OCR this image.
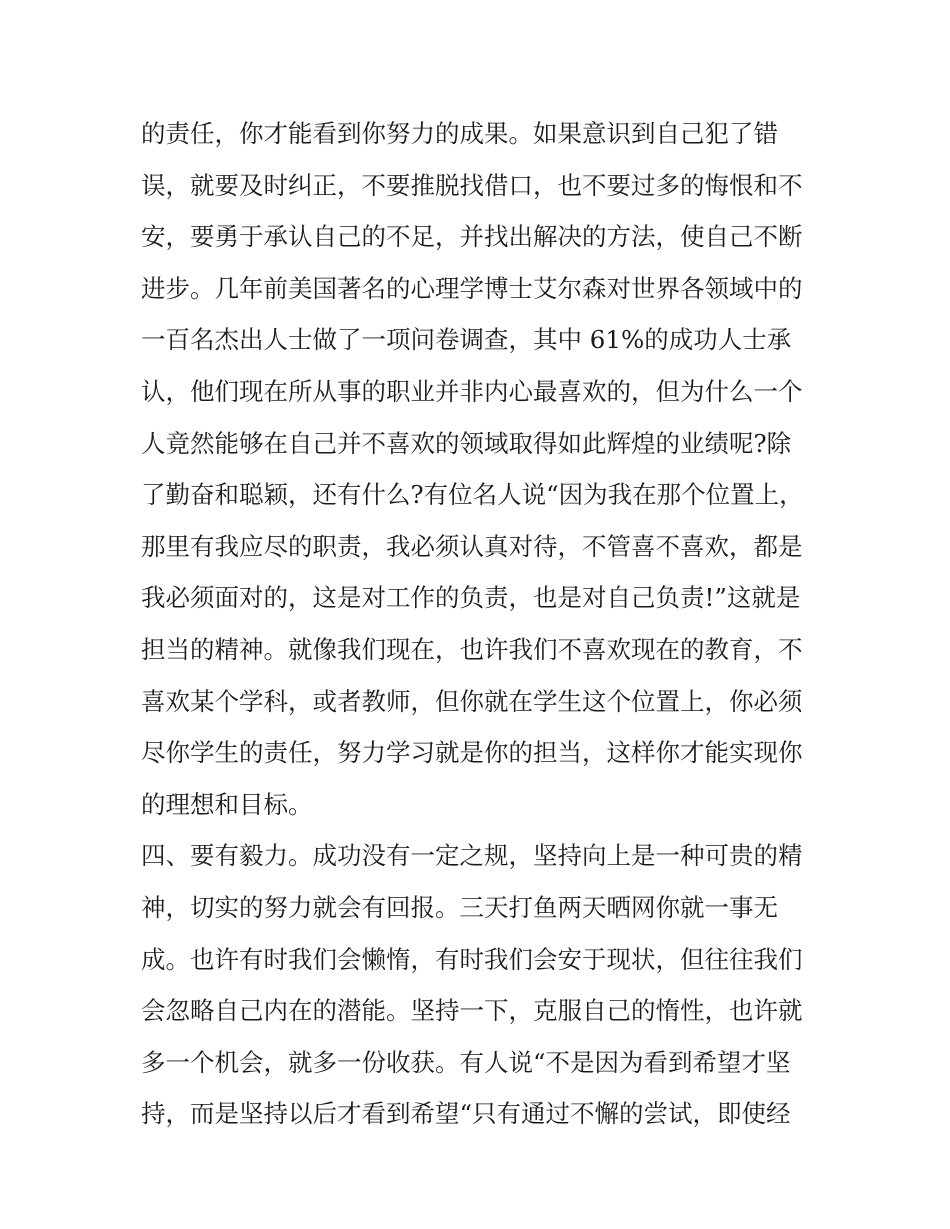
的责任，你才能看到你努力的成果。如果意识到自己犯了错
误，就要及时纠正，不要推脱找借口，也不要过多的悔恨和不
安，要勇于承认自己的不足，并找出解决的方法，使自己不断
进步。几年前美国著名的心理学博士艾尔森对世界各领域中的
一百名杰出人士做了一项问卷调查，其中 61%的成功人士承
认，他们现在所从事的职业并非内心最喜欢的，但为什么一个
人竟然能够在自己并不喜欢的领域取得如此辉煌的业绩呢?除
了勤奋和聪颖，还有什么?有位名人说“因为我在那个位置上，
那里有我应尽的职责，我必须认真对待，不管喜不喜欢，都是
我必须面对的，这是对工作的负责，也是对自己负责!”这就是
担当的精神。就像我们现在，也许我们不喜欢现在的教育，不
喜欢某个学科，或者教师，但你就在学生这个位置上，你必须
尽你学生的责任，努力学习就是你的担当，这样你才能实现你
的理想和目标。
四、要有毅力。成功没有一定之规，坚持向上是一种可贵的精
神，切实的努力就会有回报。三天打鱼两天晒网你就一事无
成。也许有时我们会懒惰，有时我们会安于现状，但往往我们
会忽略自己内在的潜能。坚持一下，克服自己的惰性，也许就
多一个机会，就多一份收获。有人说“不是因为看到希望才坚
持，而是坚持以后才看到希望“只有通过不懈的尝试，即使经
